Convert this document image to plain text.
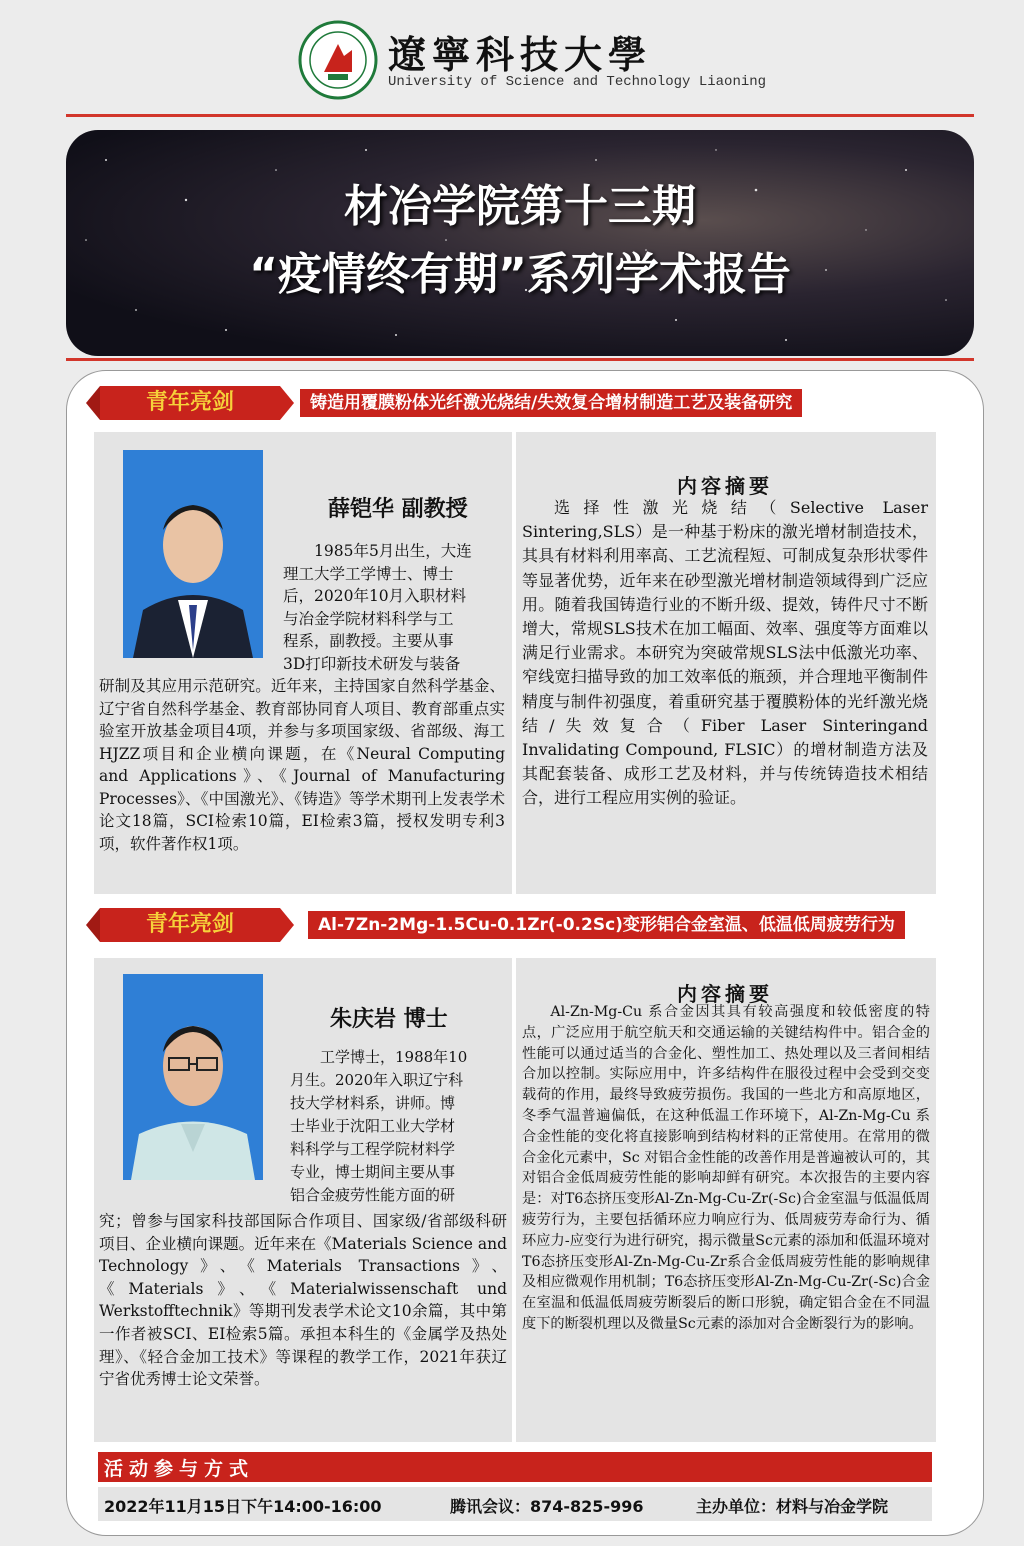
遼寧科技大學
University of Science and Technology Liaoning
材冶学院第十三期
“疫情终有期”系列学术报告
青年亮剑	铸造用覆膜粉体光纤激光烧结/失效复合增材制造工艺及装备研究
薛铠华 副教授
1985年5月出生，大连
理工大学工学博士、博士
后，2020年10月入职材料
与冶金学院材料科学与工
程系，副教授。主要从事
3D打印新技术研发与装备
研制及其应用示范研究。近年来，主持国家自然科学基金、辽宁省自然科学基金、教育部协同育人项目、教育部重点实验室开放基金项目4项，并参与多项国家级、省部级、海工HJZZ项目和企业横向课题，在《Neural Computing and Applications》、《Journal of Manufacturing Processes》、《中国激光》、《铸造》等学术期刊上发表学术论文18篇，SCI检索10篇，EI检索3篇，授权发明专利3项，软件著作权1项。
内容摘要
选择性激光烧结（Selective Laser Sintering,SLS）是一种基于粉床的激光增材制造技术，其具有材料利用率高、工艺流程短、可制成复杂形状零件等显著优势，近年来在砂型激光增材制造领域得到广泛应用。随着我国铸造行业的不断升级、提效，铸件尺寸不断增大，常规SLS技术在加工幅面、效率、强度等方面难以满足行业需求。本研究为突破常规SLS法中低激光功率、窄线宽扫描导致的加工效率低的瓶颈，并合理地平衡制件精度与制件初强度，着重研究基于覆膜粉体的光纤激光烧结/失效复合（Fiber Laser Sinteringand Invalidating Compound, FLSIC）的增材制造方法及其配套装备、成形工艺及材料，并与传统铸造技术相结合，进行工程应用实例的验证。
青年亮剑	Al-7Zn-2Mg-1.5Cu-0.1Zr(-0.2Sc)变形铝合金室温、低温低周疲劳行为
朱庆岩 博士
工学博士，1988年10
月生。2020年入职辽宁科
技大学材料系，讲师。博
士毕业于沈阳工业大学材
料科学与工程学院材料学
专业，博士期间主要从事
铝合金疲劳性能方面的研
究；曾参与国家科技部国际合作项目、国家级/省部级科研项目、企业横向课题。近年来在《Materials Science and Technology》、《Materials Transactions》、《Materials》、《Materialwissenschaft und Werkstofftechnik》等期刊发表学术论文10余篇，其中第一作者被SCI、EI检索5篇。承担本科生的《金属学及热处理》、《轻合金加工技术》等课程的教学工作，2021年获辽宁省优秀博士论文荣誉。
内容摘要
Al-Zn-Mg-Cu 系合金因其具有较高强度和较低密度的特点，广泛应用于航空航天和交通运输的关键结构件中。铝合金的性能可以通过适当的合金化、塑性加工、热处理以及三者间相结合加以控制。实际应用中，许多结构件在服役过程中会受到交变载荷的作用，最终导致疲劳损伤。我国的一些北方和高原地区，冬季气温普遍偏低，在这种低温工作环境下，Al-Zn-Mg-Cu 系合金性能的变化将直接影响到结构材料的正常使用。在常用的微合金化元素中，Sc 对铝合金性能的改善作用是普遍被认可的，其对铝合金低周疲劳性能的影响却鲜有研究。本次报告的主要内容是：对T6态挤压变形Al-Zn-Mg-Cu-Zr(-Sc)合金室温与低温低周疲劳行为，主要包括循环应力响应行为、低周疲劳寿命行为、循环应力-应变行为进行研究，揭示微量Sc元素的添加和低温环境对T6态挤压变形Al-Zn-Mg-Cu-Zr系合金低周疲劳性能的影响规律及相应微观作用机制；T6态挤压变形Al-Zn-Mg-Cu-Zr(-Sc)合金在室温和低温低周疲劳断裂后的断口形貌，确定铝合金在不同温度下的断裂机理以及微量Sc元素的添加对合金断裂行为的影响。
活动参与方式
2022年11月15日下午14:00-16:00	腾讯会议：874-825-996	主办单位：材料与冶金学院
